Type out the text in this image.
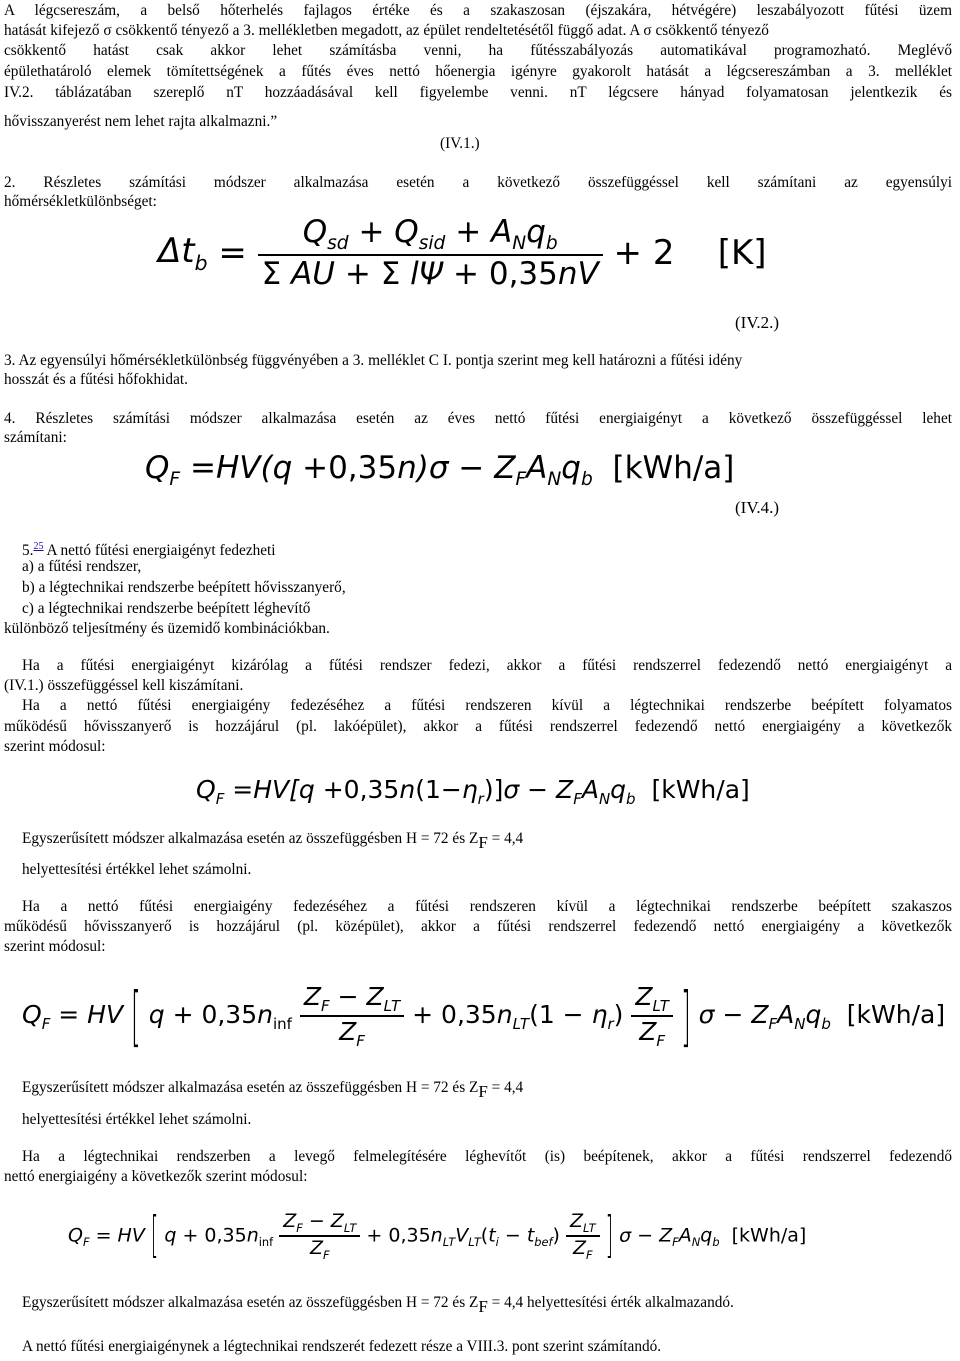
A légcsereszám, a belső hőterhelés fajlagos értéke és a szakaszosan (éjszakára, hétvégére) leszabályozott fűtési üzem
hatását kifejező σ csökkentő tényező a 3. mellékletben megadott, az épület rendeltetésétől függő adat. A σ csökkentő tényező
csökkentő hatást csak akkor lehet számításba venni, ha fűtésszabályozás automatikával programozható. Meglévő
épülethatároló elemek tömítettségének a fűtés éves nettó hőenergia igényre gyakorolt hatását a légcsereszámban a 3. melléklet
IV.2. táblázatában szereplő nT hozzáadásával kell figyelembe venni. nT légcsere hányad folyamatosan jelentkezik és
hővisszanyerést nem lehet rajta alkalmazni.”
(IV.1.)
2. Részletes számítási módszer alkalmazása esetén a következő összefüggéssel kell számítani az egyensúlyi
hőmérsékletkülönbséget:
$\Delta t_b = \frac{Q_{sd} + Q_{sid} + A_Nq_b}{\text{Σ AU + Σ lΨ + 0,35nV}} + 2$    [K]
(IV.2.)
3. Az egyensúlyi hőmérsékletkülönbség függvényében a 3. melléklet C I. pontja szerint meg kell határozni a fűtési idény
hosszát és a fűtési hőfokhidat.
4. Részletes számítási módszer alkalmazása esetén az éves nettó fűtési energiaigényt a következő összefüggéssel lehet
számítani:
$Q_F =HV(q +0,35n)\sigma - Z_FA_Nq_b$  [kWh/a]
(IV.4.)
5.25 A nettó fűtési energiaigényt fedezheti
a) a fűtési rendszer,
b) a légtechnikai rendszerbe beépített hővisszanyerő,
c) a légtechnikai rendszerbe beépített léghevítő
különböző teljesítmény és üzemidő kombinációkban.
Ha a fűtési energiaigényt kizárólag a fűtési rendszer fedezi, akkor a fűtési rendszerrel fedezendő nettó energiaigényt a
(IV.1.) összefüggéssel kell kiszámítani.
Ha a nettó fűtési energiaigény fedezéséhez a fűtési rendszeren kívül a légtechnikai rendszerbe beépített folyamatos
működésű hővisszanyerő is hozzájárul (pl. lakóépület), akkor a fűtési rendszerrel fedezendő nettó energiaigény a következők
szerint módosul:
$Q_F =HV[q +0,35n(1-\eta_r)]\sigma - Z_FA_Nq_b$  [kWh/a]
Egyszerűsített módszer alkalmazása esetén az összefüggésben H = 72 és ZF = 4,4
helyettesítési értékkel lehet számolni.
Ha a nettó fűtési energiaigény fedezéséhez a fűtési rendszeren kívül a légtechnikai rendszerbe beépített szakaszos
működésű hővisszanyerő is hozzájárul (pl. középület), akkor a fűtési rendszerrel fedezendő nettó energiaigény a következők
szerint módosul:
$Q_F$ = HV [ $q + 0,35n_{inf} \frac{Z_F - Z_{LT}}{Z_F} + 0,35n_{LT}(1 - \eta_r) \frac{Z_{LT}}{Z_F}$ ] $\sigma - Z_FA_Nq_b$  [kWh/a]
Egyszerűsített módszer alkalmazása esetén az összefüggésben H = 72 és ZF = 4,4
helyettesítési értékkel lehet számolni.
Ha a légtechnikai rendszerben a levegő felmelegítésére léghevítőt (is) beépítenek, akkor a fűtési rendszerrel fedezendő
nettó energiaigény a következők szerint módosul:
$Q_F$ = HV [ $q + 0,35n_{inf} \frac{Z_F - Z_{LT}}{Z_F} + 0,35n_{LT}V_{LT}(t_i - t_{bef}) \frac{Z_{LT}}{Z_F}$ ] $\sigma - Z_FA_Nq_b$  [kWh/a]
Egyszerűsített módszer alkalmazása esetén az összefüggésben H = 72 és ZF = 4,4 helyettesítési érték alkalmazandó.
A nettó fűtési energiaigénynek a légtechnikai rendszerét fedezett része a VIII.3. pont szerint számítandó.
